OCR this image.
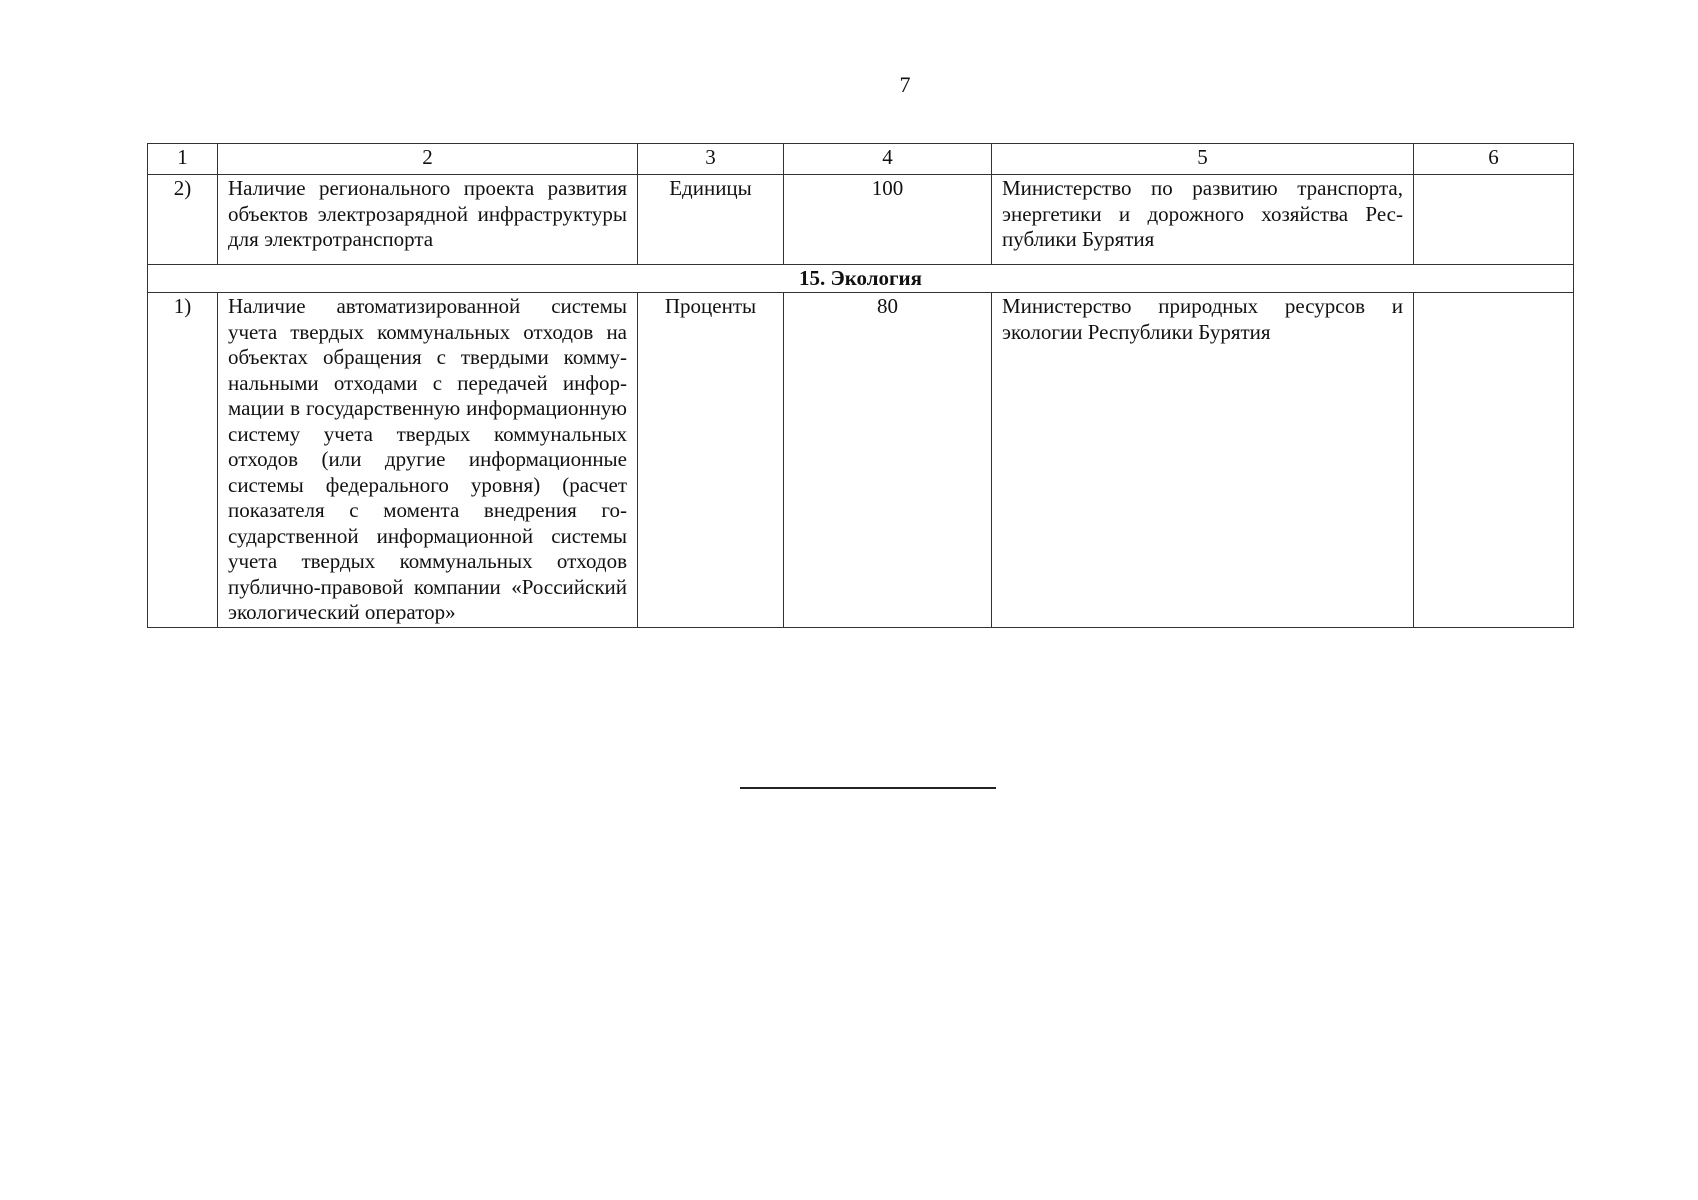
7
1	2	3	4	5	6
2)	Наличие регионального проекта развития объектов электрозарядной инфраструктуры для электротранспорта	Единицы	100	Министерство по развитию транспорта, энергетики и дорожного хозяйства Республики Бурятия	
15. Экология					
1)	Наличие автоматизированной системы учета твердых коммунальных отходов на объектах обращения с твердыми коммунальными отходами с передачей информации в государственную информационную систему учета твердых коммунальных отходов (или другие информационные системы федерального уровня) (расчет показателя с момента внедрения государственной информационной системы учета твердых коммунальных отходов публично-правовой компании «Российский экологический оператор»	Проценты	80	Министерство природных ресурсов и экологии Республики Бурятия	
